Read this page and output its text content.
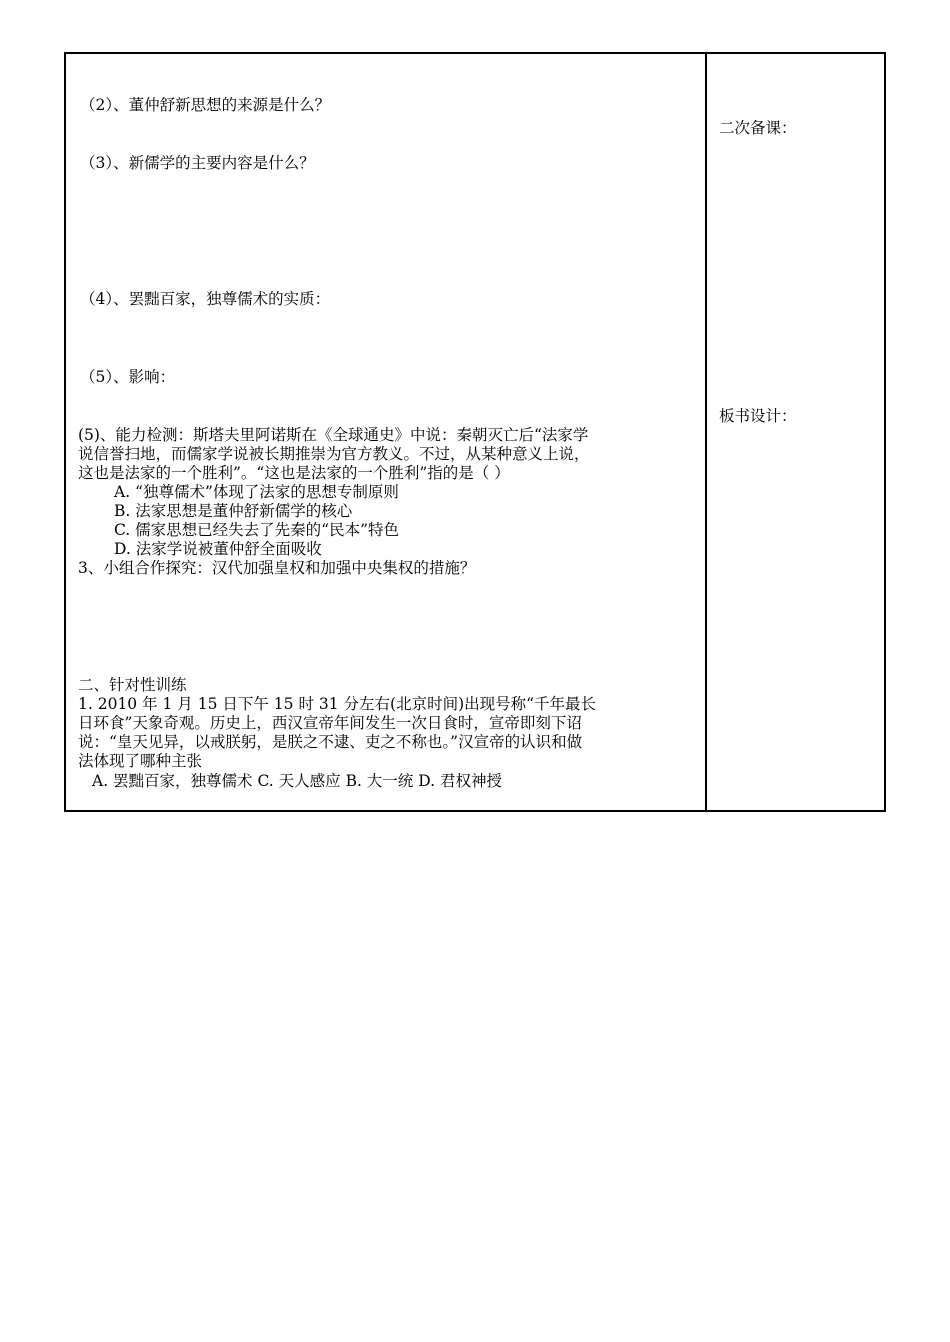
（2）、董仲舒新思想的来源是什么？
（3）、新儒学的主要内容是什么？
（4）、罢黜百家，独尊儒术的实质：
（5）、影响：
(5)、能力检测：斯塔夫里阿诺斯在《全球通史》中说：秦朝灭亡后“法家学
说信誉扫地，而儒家学说被长期推崇为官方教义。不过，从某种意义上说，
这也是法家的一个胜利”。“这也是法家的一个胜利”指的是（ ）
A. “独尊儒术”体现了法家的思想专制原则
B. 法家思想是董仲舒新儒学的核心
C. 儒家思想已经失去了先秦的“民本”特色
D. 法家学说被董仲舒全面吸收
3、小组合作探究：汉代加强皇权和加强中央集权的措施？
二、针对性训练
1. 2010 年 1 月 15 日下午 15 时 31 分左右(北京时间)出现号称“千年最长
日环食”天象奇观。历史上，西汉宣帝年间发生一次日食时，宣帝即刻下诏
说：“皇天见异，以戒朕躬，是朕之不逮、吏之不称也。”汉宣帝的认识和做
法体现了哪种主张
A. 罢黜百家，独尊儒术 C. 天人感应 B. 大一统 D. 君权神授
二次备课：
板书设计：
